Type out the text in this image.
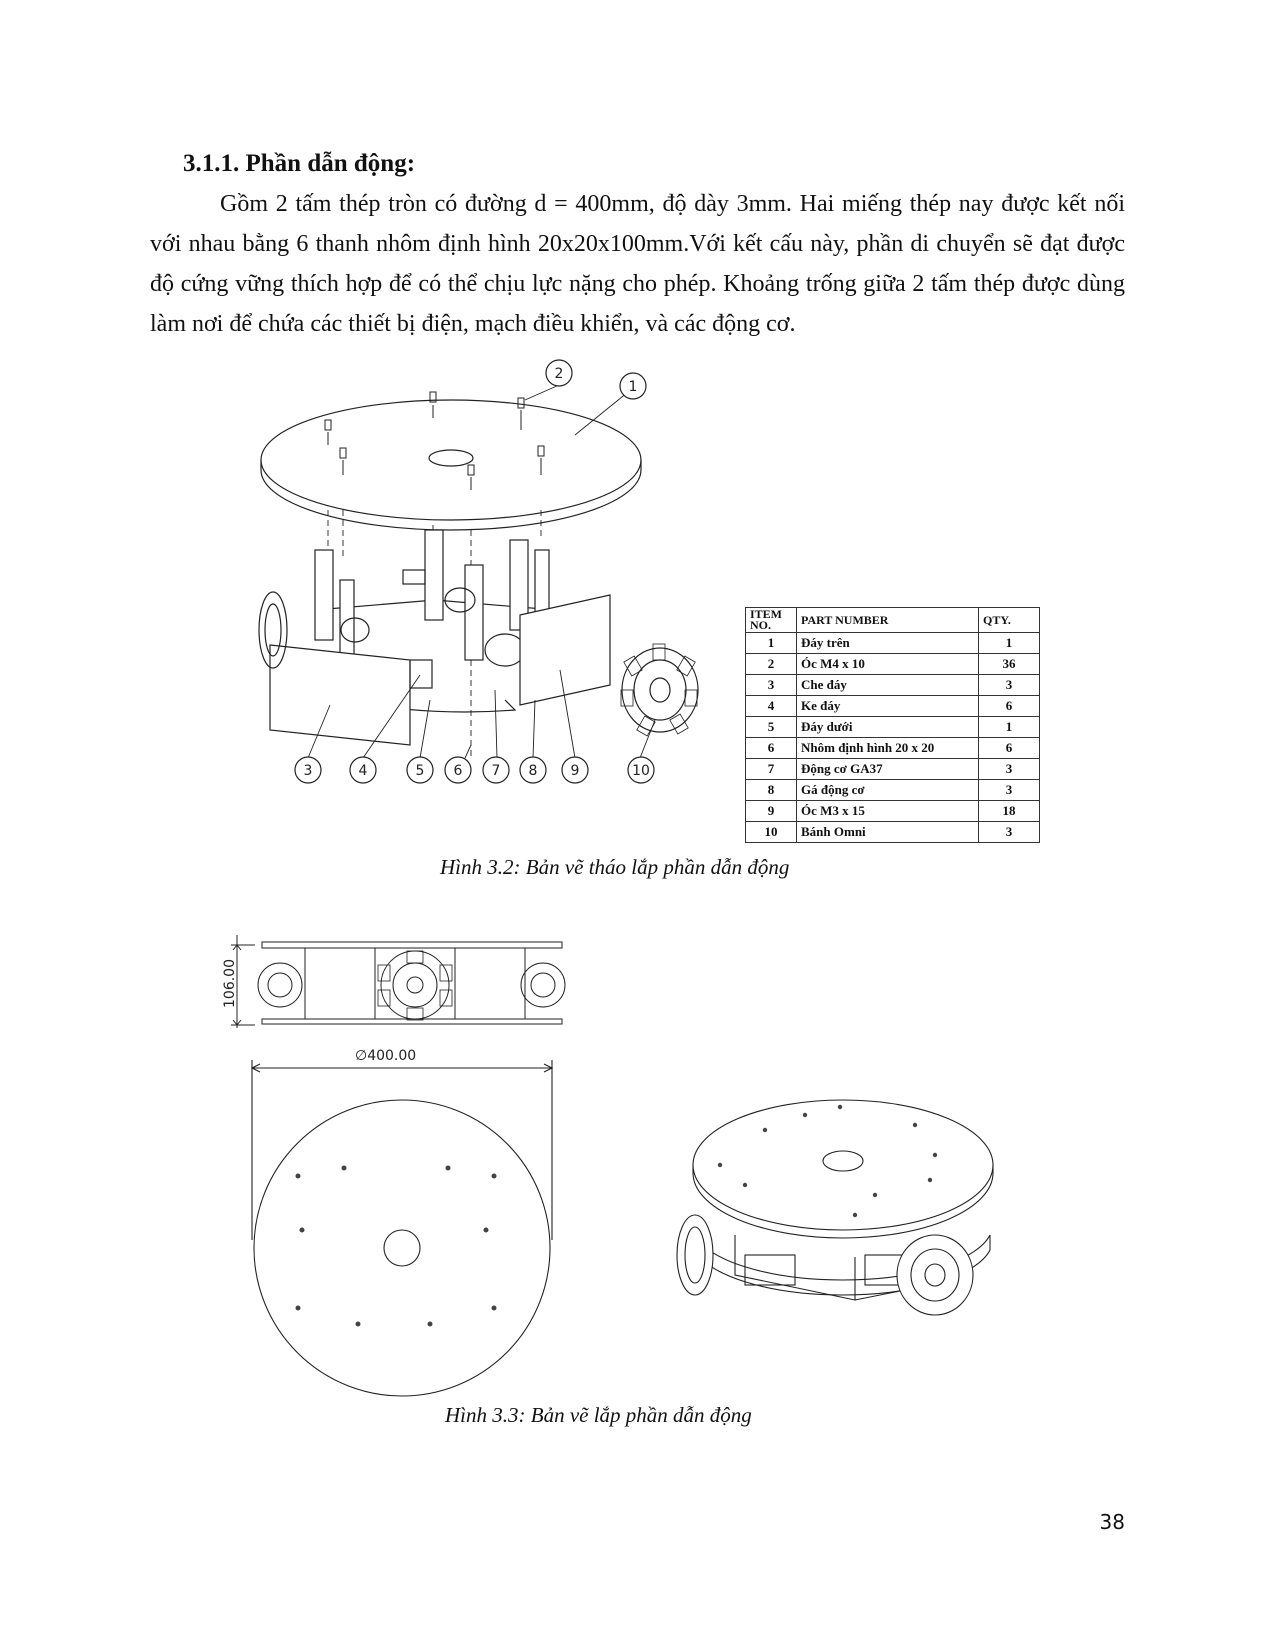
3.1.1. Phần dẫn động:

Gồm 2 tấm thép tròn có đường d = 400mm, độ dày 3mm. Hai miếng thép nay được kết nối với nhau bằng 6 thanh nhôm định hình 20x20x100mm.Với kết cấu này, phần di chuyển sẽ đạt được độ cứng vững thích hợp để có thể chịu lực nặng cho phép. Khoảng trống giữa 2 tấm thép được dùng làm nơi để chứa các thiết bị điện, mạch điều khiển, và các động cơ.

2
1
3	4	5 6 7 8 9	10
ITEM NO.	PART NUMBER	QTY.
1	Đáy trên	1
2	Óc M4 x 10	36
3	Che đáy	3
4	Ke đáy	6
5	Đáy dưới	1
6	Nhôm định hình 20 x 20	6
7	Động cơ GA37	3
8	Gá động cơ	3
9	Óc M3 x 15	18
10	Bánh Omni	3

Hình 3.2: Bản vẽ tháo lắp phần dẫn động

106.00
∅400.00

Hình 3.3: Bản vẽ lắp phần dẫn động

38
